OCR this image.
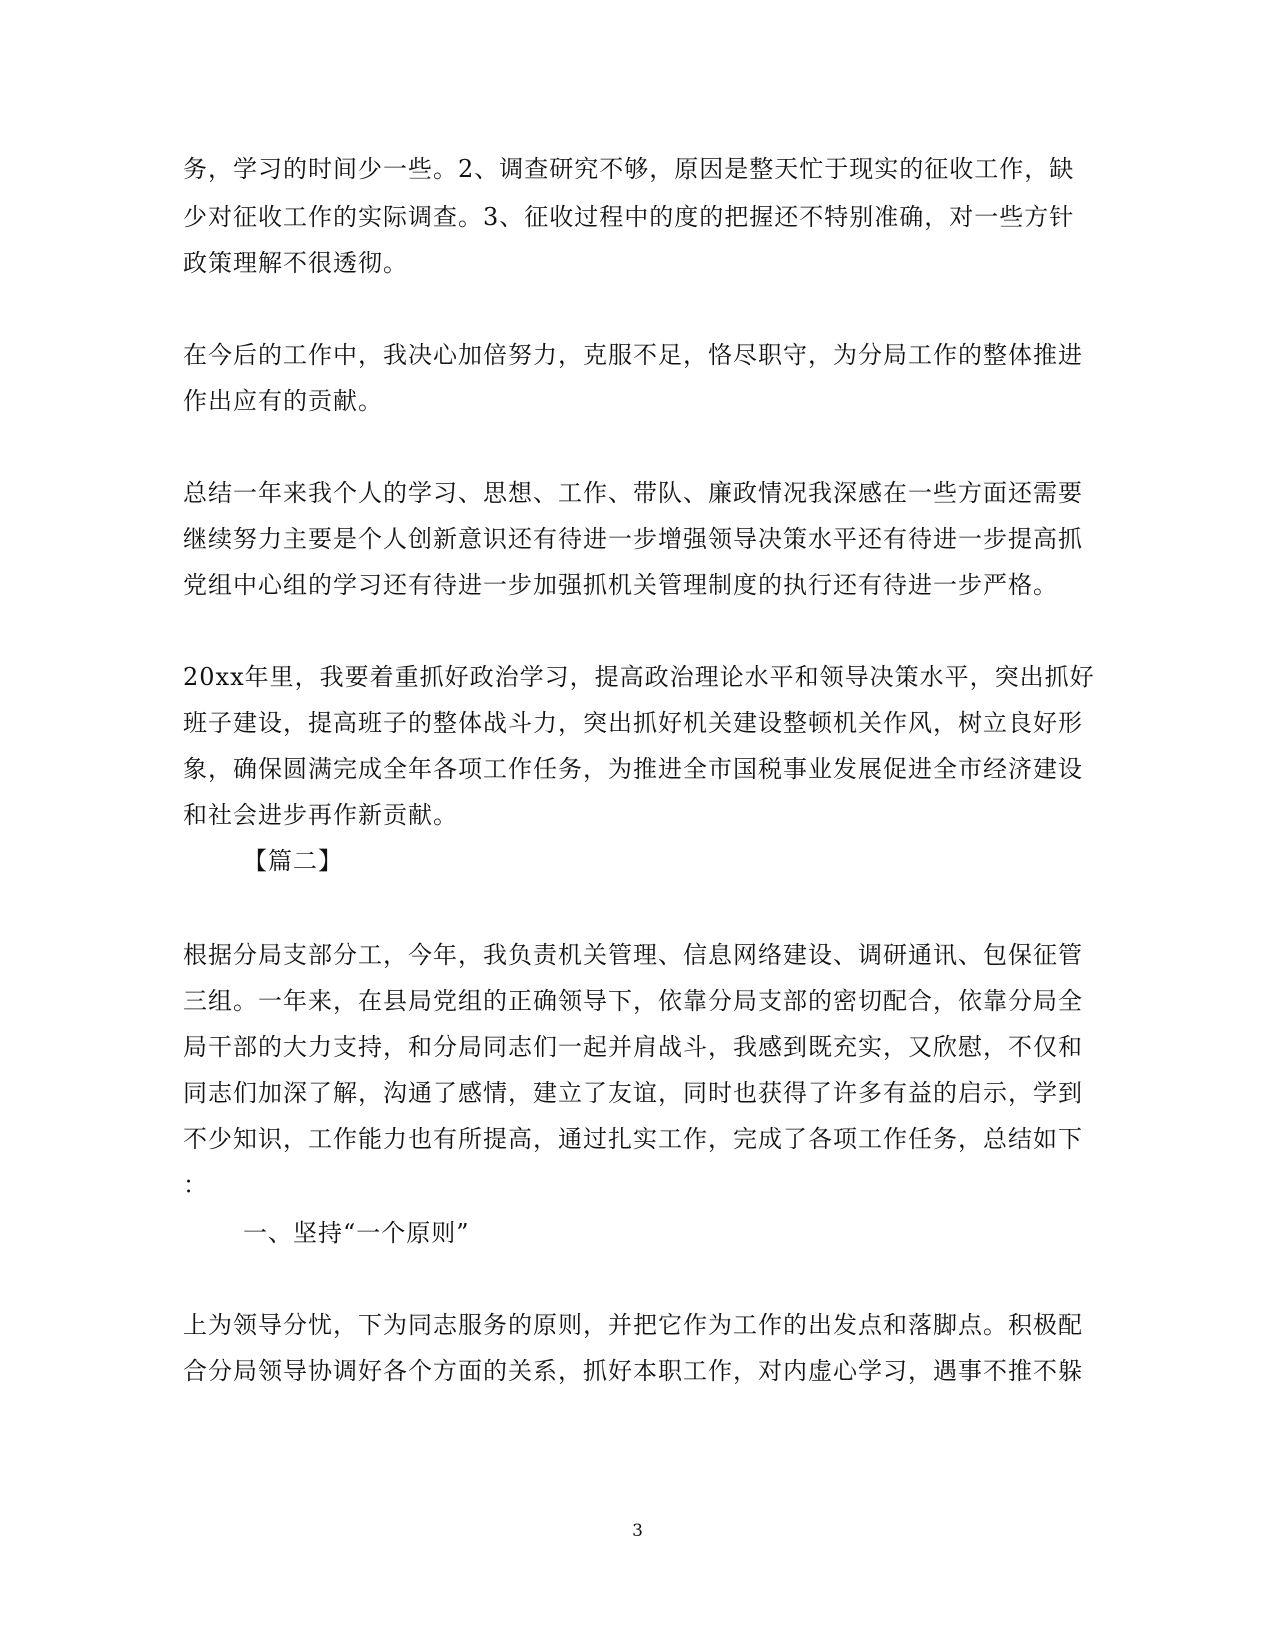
务，学习的时间少一些。2、调查研究不够，原因是整天忙于现实的征收工作，缺
少对征收工作的实际调查。3、征收过程中的度的把握还不特别准确，对一些方针
政策理解不很透彻。
在今后的工作中，我决心加倍努力，克服不足，恪尽职守，为分局工作的整体推进
作出应有的贡献。
总结一年来我个人的学习、思想、工作、带队、廉政情况我深感在一些方面还需要
继续努力主要是个人创新意识还有待进一步增强领导决策水平还有待进一步提高抓
党组中心组的学习还有待进一步加强抓机关管理制度的执行还有待进一步严格。
20xx年里，我要着重抓好政治学习，提高政治理论水平和领导决策水平，突出抓好
班子建设，提高班子的整体战斗力，突出抓好机关建设整顿机关作风，树立良好形
象，确保圆满完成全年各项工作任务，为推进全市国税事业发展促进全市经济建设
和社会进步再作新贡献。
【篇二】
根据分局支部分工，今年，我负责机关管理、信息网络建设、调研通讯、包保征管
三组。一年来，在县局党组的正确领导下，依靠分局支部的密切配合，依靠分局全
局干部的大力支持，和分局同志们一起并肩战斗，我感到既充实，又欣慰，不仅和
同志们加深了解，沟通了感情，建立了友谊，同时也获得了许多有益的启示，学到
不少知识，工作能力也有所提高，通过扎实工作，完成了各项工作任务，总结如下
：
一、坚持“一个原则”
上为领导分忧，下为同志服务的原则，并把它作为工作的出发点和落脚点。积极配
合分局领导协调好各个方面的关系，抓好本职工作，对内虚心学习，遇事不推不躲
3
